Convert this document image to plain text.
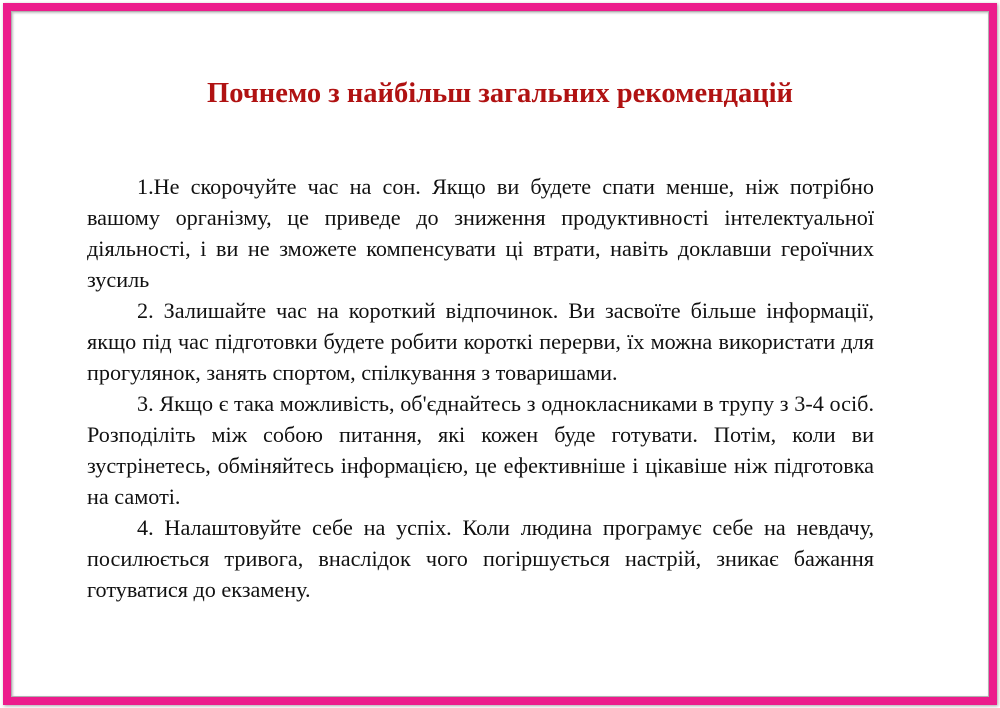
Почнемо з найбільш загальних рекомендацій

1.Не скорочуйте час на сон. Якщо ви будете спати менше, ніж потрібно вашому організму, це приведе до зниження продуктивності інтелектуальної діяльності, і ви не зможете компенсувати ці втрати, навіть доклавши героїчних зусиль

2. Залишайте час на короткий відпочинок. Ви засвоїте більше інформації, якщо під час підготовки будете робити короткі перерви, їх можна використати для прогулянок, занять спортом, спілкування з товаришами.

3. Якщо є така можливість, об'єднайтесь з однокласниками в трупу з 3-4 осіб. Розподіліть між собою питання, які кожен буде готувати. Потім, коли ви зустрінетесь, обміняйтесь інформацією, це ефективніше і цікавіше ніж підготовка на самоті.

4. Налаштовуйте себе на успіх. Коли людина програмує себе на невдачу, посилюється тривога, внаслідок чого погіршується настрій, зникає бажання готуватися до екзамену.
